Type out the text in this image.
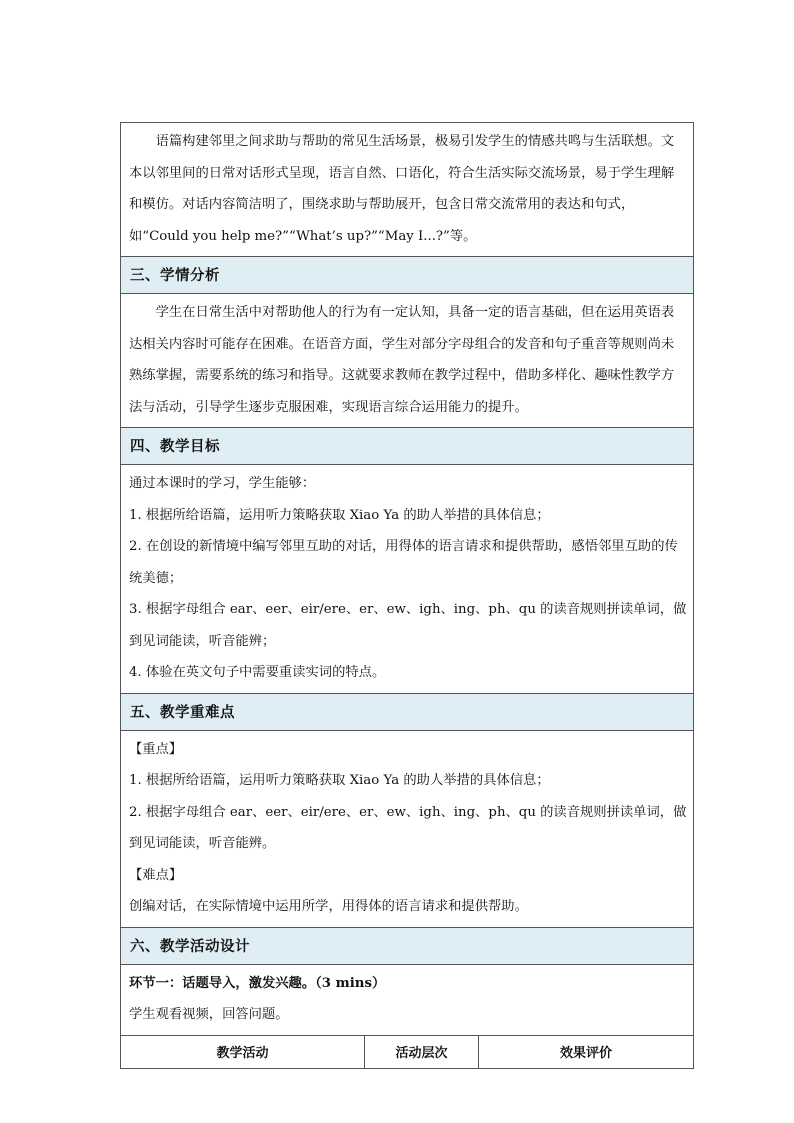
语篇构建邻里之间求助与帮助的常见生活场景，极易引发学生的情感共鸣与生活联想。文本以邻里间的日常对话形式呈现，语言自然、口语化，符合生活实际交流场景，易于学生理解和模仿。对话内容简洁明了，围绕求助与帮助展开，包含日常交流常用的表达和句式，如“Could you help me?”“What’s up?”“May I...?”等。

三、学情分析

学生在日常生活中对帮助他人的行为有一定认知，具备一定的语言基础，但在运用英语表达相关内容时可能存在困难。在语音方面，学生对部分字母组合的发音和句子重音等规则尚未熟练掌握，需要系统的练习和指导。这就要求教师在教学过程中，借助多样化、趣味性教学方法与活动，引导学生逐步克服困难，实现语言综合运用能力的提升。

四、教学目标

通过本课时的学习，学生能够：

1. 根据所给语篇，运用听力策略获取 Xiao Ya 的助人举措的具体信息；

2. 在创设的新情境中编写邻里互助的对话，用得体的语言请求和提供帮助，感悟邻里互助的传统美德；

3. 根据字母组合 ear、eer、eir/ere、er、ew、igh、ing、ph、qu 的读音规则拼读单词，做到见词能读，听音能辨；

4. 体验在英文句子中需要重读实词的特点。

五、教学重难点

【重点】

1. 根据所给语篇，运用听力策略获取 Xiao Ya 的助人举措的具体信息；

2. 根据字母组合 ear、eer、eir/ere、er、ew、igh、ing、ph、qu 的读音规则拼读单词，做到见词能读，听音能辨。

【难点】

创编对话，在实际情境中运用所学，用得体的语言请求和提供帮助。

六、教学活动设计

环节一：话题导入，激发兴趣。（3 mins）

学生观看视频，回答问题。

教学活动	活动层次	效果评价
